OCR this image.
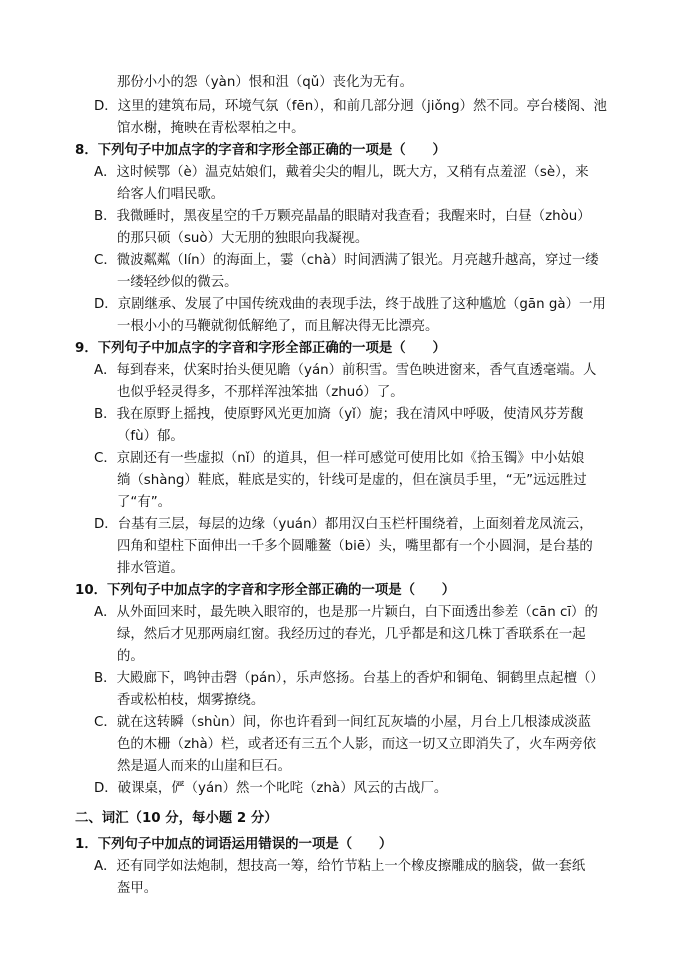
那份小小的怨（yàn）恨和沮（qǔ）丧化为无有。
D．这里的建筑布局，环境气氛（fēn），和前几部分迥（jiǒng）然不同。亭台楼阁、池
馆水榭，掩映在青松翠柏之中。
8．下列句子中加点字的字音和字形全部正确的一项是（　　）
A．这时候鄂（è）温克姑娘们，戴着尖尖的帽儿，既大方，又稍有点羞涩（sè），来
给客人们唱民歌。
B．我微睡时，黑夜星空的千万颗亮晶晶的眼睛对我查看；我醒来时，白昼（zhòu）
的那只硕（suò）大无朋的独眼向我凝视。
C．微波粼粼（lín）的海面上，霎（chà）时间洒满了银光。月亮越升越高，穿过一缕
一缕轻纱似的微云。
D．京剧继承、发展了中国传统戏曲的表现手法，终于战胜了这种尴尬（gān gà）一用
一根小小的马鞭就彻低解绝了，而且解决得无比漂亮。
9．下列句子中加点字的字音和字形全部正确的一项是（　　）
A．每到春来，伏案时抬头便见瞻（yán）前积雪。雪色映进窗来，香气直透毫端。人
也似乎轻灵得多，不那样浑浊笨拙（zhuó）了。
B．我在原野上摇拽，使原野风光更加旖（yǐ）旎；我在清风中呼吸，使清风芬芳馥
（fù）郁。
C．京剧还有一些虚拟（nǐ）的道具，但一样可感觉可使用比如《拾玉镯》中小姑娘
绱（shàng）鞋底，鞋底是实的，针线可是虚的，但在演员手里，“无”远远胜过
了“有”。
D．台基有三层，每层的边缘（yuán）都用汉白玉栏杆围绕着，上面刻着龙凤流云，
四角和望柱下面伸出一千多个圆雕鳌（biē）头，嘴里都有一个小圆洞，是台基的
排水管道。
10．下列句子中加点字的字音和字形全部正确的一项是（　　）
A．从外面回来时，最先映入眼帘的，也是那一片颖白，白下面透出参差（cān cī）的
绿，然后才见那两扇红窗。我经历过的春光，几乎都是和这几株丁香联系在一起
的。
B．大殿廊下，鸣钟击磬（pán），乐声悠扬。台基上的香炉和铜龟、铜鹤里点起檀（）
香或松柏枝，烟雾撩绕。
C．就在这转瞬（shùn）间，你也许看到一间红瓦灰墙的小屋，月台上几根漆成淡蓝
色的木栅（zhà）栏，或者还有三五个人影，而这一切又立即消失了，火车两旁依
然是逼人而来的山崖和巨石。
D．破课桌，俨（yán）然一个叱咤（zhà）风云的古战厂。
二、词汇（10 分，每小题 2 分）
1．下列句子中加点的词语运用错误的一项是（　　）
A．还有同学如法炮制，想技高一筹，给竹节粘上一个橡皮擦雕成的脑袋，做一套纸
盔甲。
